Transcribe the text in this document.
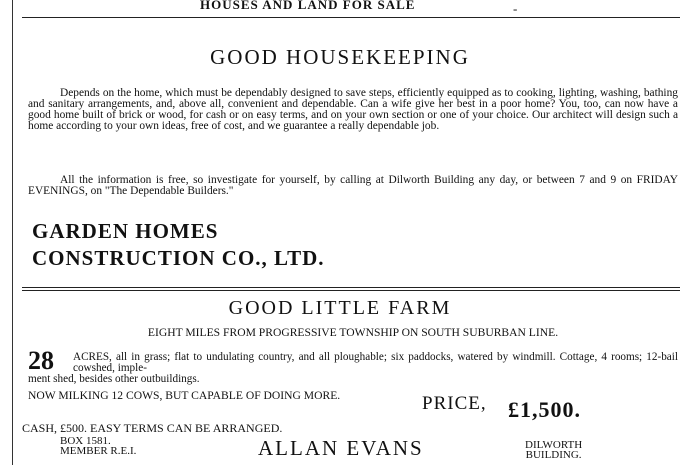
HOUSES AND LAND FOR SALE	-
GOOD HOUSEKEEPING
Depends on the home, which must be dependably designed to save steps, efficiently equipped as to cooking, lighting, washing, bathing and sanitary arrangements, and, above all, convenient and dependable. Can a wife give her best in a poor home? You, too, can now have a good home built of brick or wood, for cash or on easy terms, and on your own section or one of your choice. Our architect will design such a home according to your own ideas, free of cost, and we guarantee a really dependable job.
All the information is free, so investigate for yourself, by calling at Dilworth Building any day, or between 7 and 9 on FRIDAY EVENINGS, on "The Dependable Builders."
GARDEN HOMES
CONSTRUCTION CO., LTD.
GOOD LITTLE FARM
EIGHT MILES FROM PROGRESSIVE TOWNSHIP ON SOUTH SUBURBAN LINE.
28 ACRES, all in grass; flat to undulating country, and all ploughable; six paddocks, watered by windmill. Cottage, 4 rooms; 12-bail cowshed, imple-
ment shed, besides other outbuildings.
NOW MILKING 12 COWS, BUT CAPABLE OF DOING MORE.	PRICE, £1,500.
CASH, £500. EASY TERMS CAN BE ARRANGED.
BOX 1581.
MEMBER R.E.I.	ALLAN EVANS	DILWORTH
BUILDING.
